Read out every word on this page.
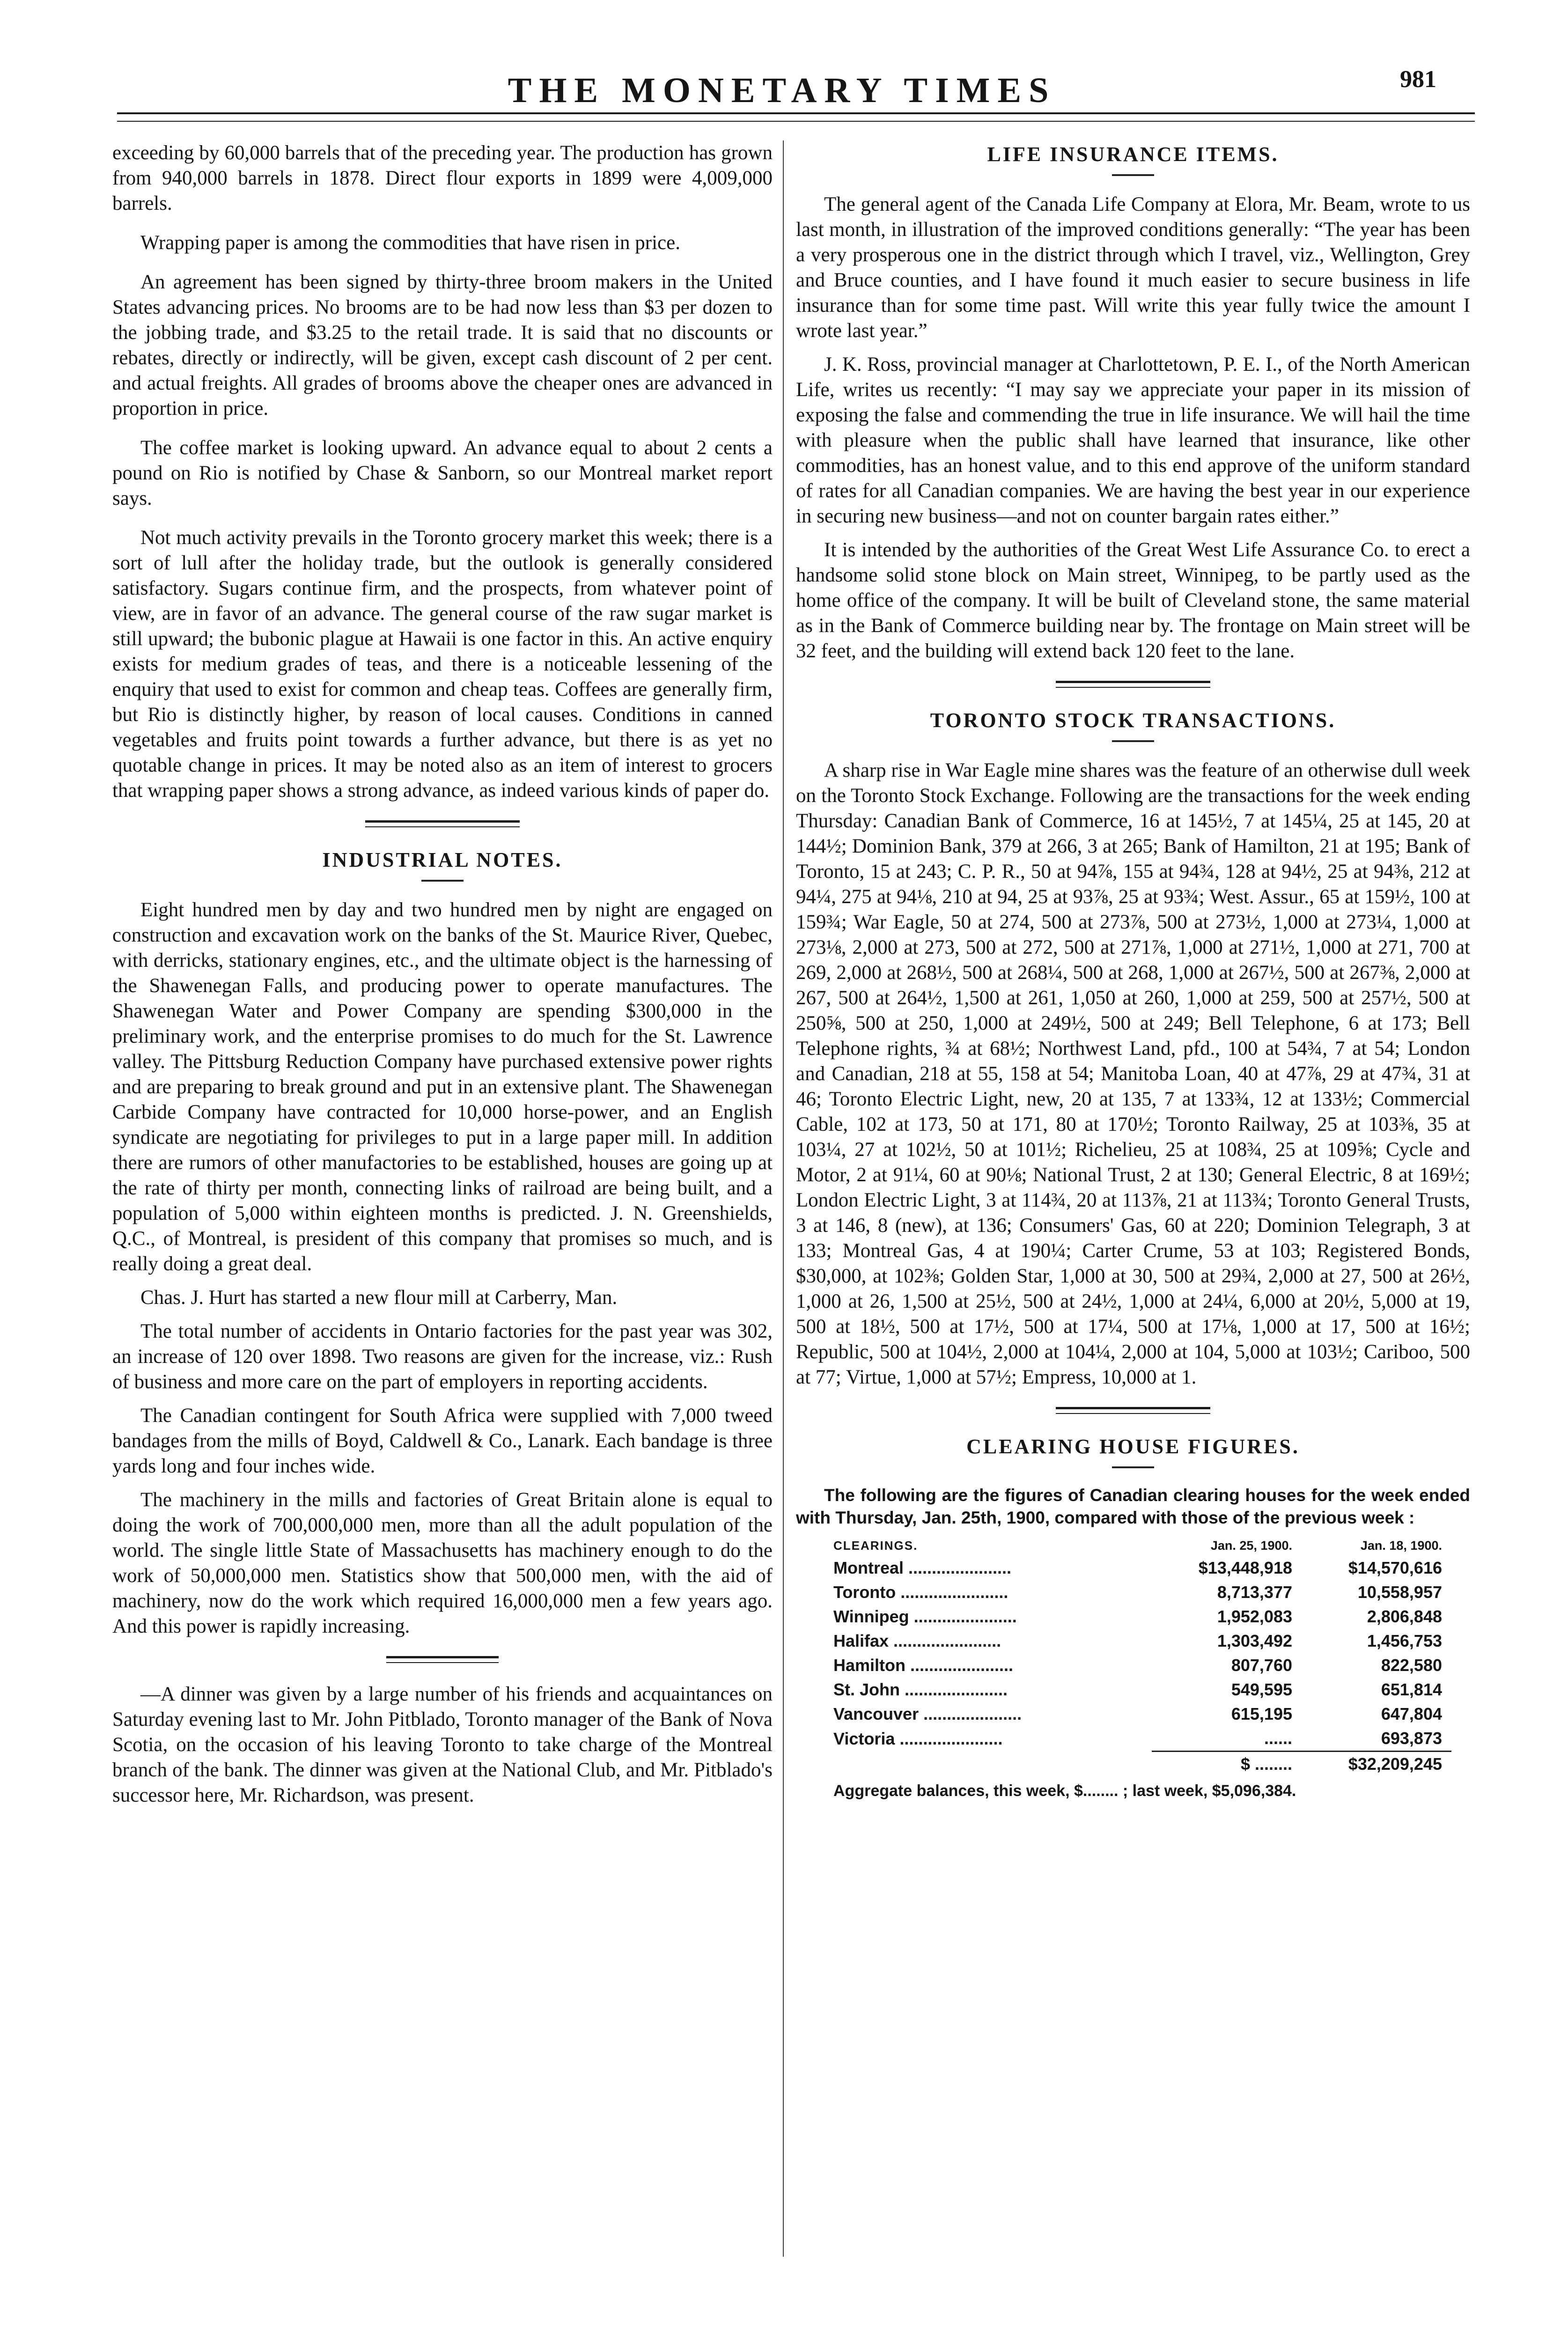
THE MONETARY TIMES	981

exceeding by 60,000 barrels that of the preceding year. The production has grown from 940,000 barrels in 1878. Direct flour exports in 1899 were 4,009,000 barrels.

Wrapping paper is among the commodities that have risen in price.

An agreement has been signed by thirty-three broom makers in the United States advancing prices. No brooms are to be had now less than $3 per dozen to the jobbing trade, and $3.25 to the retail trade. It is said that no discounts or rebates, directly or indirectly, will be given, except cash discount of 2 per cent. and actual freights. All grades of brooms above the cheaper ones are advanced in proportion in price.

The coffee market is looking upward. An advance equal to about 2 cents a pound on Rio is notified by Chase & Sanborn, so our Montreal market report says.

Not much activity prevails in the Toronto grocery market this week; there is a sort of lull after the holiday trade, but the outlook is generally considered satisfactory. Sugars continue firm, and the prospects, from whatever point of view, are in favor of an advance. The general course of the raw sugar market is still upward; the bubonic plague at Hawaii is one factor in this. An active enquiry exists for medium grades of teas, and there is a noticeable lessening of the enquiry that used to exist for common and cheap teas. Coffees are generally firm, but Rio is distinctly higher, by reason of local causes. Conditions in canned vegetables and fruits point towards a further advance, but there is as yet no quotable change in prices. It may be noted also as an item of interest to grocers that wrapping paper shows a strong advance, as indeed various kinds of paper do.

INDUSTRIAL NOTES.

Eight hundred men by day and two hundred men by night are engaged on construction and excavation work on the banks of the St. Maurice River, Quebec, with derricks, stationary engines, etc., and the ultimate object is the harnessing of the Shawenegan Falls, and producing power to operate manufactures. The Shawenegan Water and Power Company are spending $300,000 in the preliminary work, and the enterprise promises to do much for the St. Lawrence valley. The Pittsburg Reduction Company have purchased extensive power rights and are preparing to break ground and put in an extensive plant. The Shawenegan Carbide Company have contracted for 10,000 horse-power, and an English syndicate are negotiating for privileges to put in a large paper mill. In addition there are rumors of other manufactories to be established, houses are going up at the rate of thirty per month, connecting links of railroad are being built, and a population of 5,000 within eighteen months is predicted. J. N. Greenshields, Q.C., of Montreal, is president of this company that promises so much, and is really doing a great deal.

Chas. J. Hurt has started a new flour mill at Carberry, Man.

The total number of accidents in Ontario factories for the past year was 302, an increase of 120 over 1898. Two reasons are given for the increase, viz.: Rush of business and more care on the part of employers in reporting accidents.

The Canadian contingent for South Africa were supplied with 7,000 tweed bandages from the mills of Boyd, Caldwell & Co., Lanark. Each bandage is three yards long and four inches wide.

The machinery in the mills and factories of Great Britain alone is equal to doing the work of 700,000,000 men, more than all the adult population of the world. The single little State of Massachusetts has machinery enough to do the work of 50,000,000 men. Statistics show that 500,000 men, with the aid of machinery, now do the work which required 16,000,000 men a few years ago. And this power is rapidly increasing.

—A dinner was given by a large number of his friends and acquaintances on Saturday evening last to Mr. John Pitblado, Toronto manager of the Bank of Nova Scotia, on the occasion of his leaving Toronto to take charge of the Montreal branch of the bank. The dinner was given at the National Club, and Mr. Pitblado's successor here, Mr. Richardson, was present.

LIFE INSURANCE ITEMS.

The general agent of the Canada Life Company at Elora, Mr. Beam, wrote to us last month, in illustration of the improved conditions generally: “The year has been a very prosperous one in the district through which I travel, viz., Wellington, Grey and Bruce counties, and I have found it much easier to secure business in life insurance than for some time past. Will write this year fully twice the amount I wrote last year.”

J. K. Ross, provincial manager at Charlottetown, P. E. I., of the North American Life, writes us recently: “I may say we appreciate your paper in its mission of exposing the false and commending the true in life insurance. We will hail the time with pleasure when the public shall have learned that insurance, like other commodities, has an honest value, and to this end approve of the uniform standard of rates for all Canadian companies. We are having the best year in our experience in securing new business—and not on counter bargain rates either.”

It is intended by the authorities of the Great West Life Assurance Co. to erect a handsome solid stone block on Main street, Winnipeg, to be partly used as the home office of the company. It will be built of Cleveland stone, the same material as in the Bank of Commerce building near by. The frontage on Main street will be 32 feet, and the building will extend back 120 feet to the lane.

TORONTO STOCK TRANSACTIONS.

A sharp rise in War Eagle mine shares was the feature of an otherwise dull week on the Toronto Stock Exchange. Following are the transactions for the week ending Thursday: Canadian Bank of Commerce, 16 at 145½, 7 at 145¼, 25 at 145, 20 at 144½; Dominion Bank, 379 at 266, 3 at 265; Bank of Hamilton, 21 at 195; Bank of Toronto, 15 at 243; C. P. R., 50 at 94⅞, 155 at 94¾, 128 at 94½, 25 at 94⅜, 212 at 94¼, 275 at 94⅛, 210 at 94, 25 at 93⅞, 25 at 93¾; West. Assur., 65 at 159½, 100 at 159¾; War Eagle, 50 at 274, 500 at 273⅞, 500 at 273½, 1,000 at 273¼, 1,000 at 273⅛, 2,000 at 273, 500 at 272, 500 at 271⅞, 1,000 at 271½, 1,000 at 271, 700 at 269, 2,000 at 268½, 500 at 268¼, 500 at 268, 1,000 at 267½, 500 at 267⅜, 2,000 at 267, 500 at 264½, 1,500 at 261, 1,050 at 260, 1,000 at 259, 500 at 257½, 500 at 250⅝, 500 at 250, 1,000 at 249½, 500 at 249; Bell Telephone, 6 at 173; Bell Telephone rights, ¾ at 68½; Northwest Land, pfd., 100 at 54¾, 7 at 54; London and Canadian, 218 at 55, 158 at 54; Manitoba Loan, 40 at 47⅞, 29 at 47¾, 31 at 46; Toronto Electric Light, new, 20 at 135, 7 at 133¾, 12 at 133½; Commercial Cable, 102 at 173, 50 at 171, 80 at 170½; Toronto Railway, 25 at 103⅜, 35 at 103¼, 27 at 102½, 50 at 101½; Richelieu, 25 at 108¾, 25 at 109⅝; Cycle and Motor, 2 at 91¼, 60 at 90⅛; National Trust, 2 at 130; General Electric, 8 at 169½; London Electric Light, 3 at 114¾, 20 at 113⅞, 21 at 113¾; Toronto General Trusts, 3 at 146, 8 (new), at 136; Consumers' Gas, 60 at 220; Dominion Telegraph, 3 at 133; Montreal Gas, 4 at 190¼; Carter Crume, 53 at 103; Registered Bonds, $30,000, at 102⅜; Golden Star, 1,000 at 30, 500 at 29¾, 2,000 at 27, 500 at 26½, 1,000 at 26, 1,500 at 25½, 500 at 24½, 1,000 at 24¼, 6,000 at 20½, 5,000 at 19, 500 at 18½, 500 at 17½, 500 at 17¼, 500 at 17⅛, 1,000 at 17, 500 at 16½; Republic, 500 at 104½, 2,000 at 104¼, 2,000 at 104, 5,000 at 103½; Cariboo, 500 at 77; Virtue, 1,000 at 57½; Empress, 10,000 at 1.

CLEARING HOUSE FIGURES.

The following are the figures of Canadian clearing houses for the week ended with Thursday, Jan. 25th, 1900, compared with those of the previous week :

CLEARINGS.	Jan. 25, 1900.	Jan. 18, 1900.
Montreal ......................	$13,448,918	$14,570,616
Toronto .......................	8,713,377	10,558,957
Winnipeg ......................	1,952,083	2,806,848
Halifax .......................	1,303,492	1,456,753
Hamilton ......................	807,760	822,580
St. John ......................	549,595	651,814
Vancouver .....................	615,195	647,804
Victoria ......................	......	693,873
	$ ........	$32,209,245
Aggregate balances, this week, $........ ; last week, $5,096,384.
